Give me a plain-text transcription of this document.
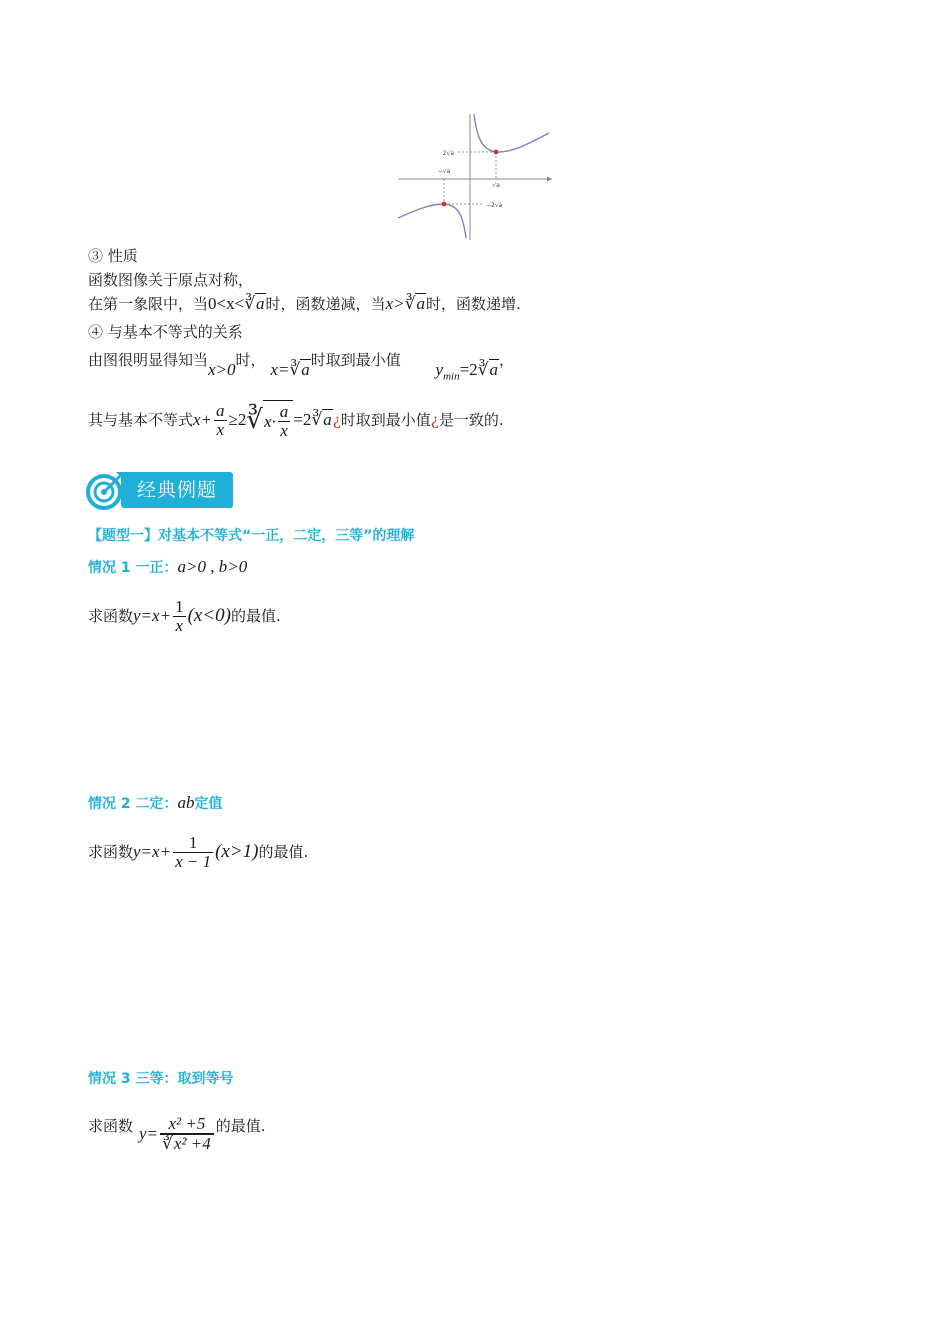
2√a
−√a
√a
−2√a
③ 性质
函数图像关于原点对称，
在第一象限中，当0<x<∛a时，函数递减，当x>∛a时，函数递增.
④ 与基本不等式的关系
由图很明显得知当x>0时， x=∛a时取到最小值 $y_{min}=2∛a$，
其与基本不等式 $x+ \frac{a}{x} \ge 2$ ∛ $x\cdot \frac{a}{x} =2$ ∛a ¿ 时取到最小值 ¿ 是一致的.
经典例题
【题型一】对基本不等式“一正，二定，三等”的理解
情况 1 一正：a>0 , b>0
求函数 $y=x+ \frac{1}{x} (x<0)$ 的最值.
情况 2 二定：ab定值
求函数 $y=x+ \frac{1}{x - 1} (x>1)$ 的最值.
情况 3 三等：取到等号
求函数 $y= \frac{\text{x² +5}}{\text{∛x² +4}}$ 的最值.
